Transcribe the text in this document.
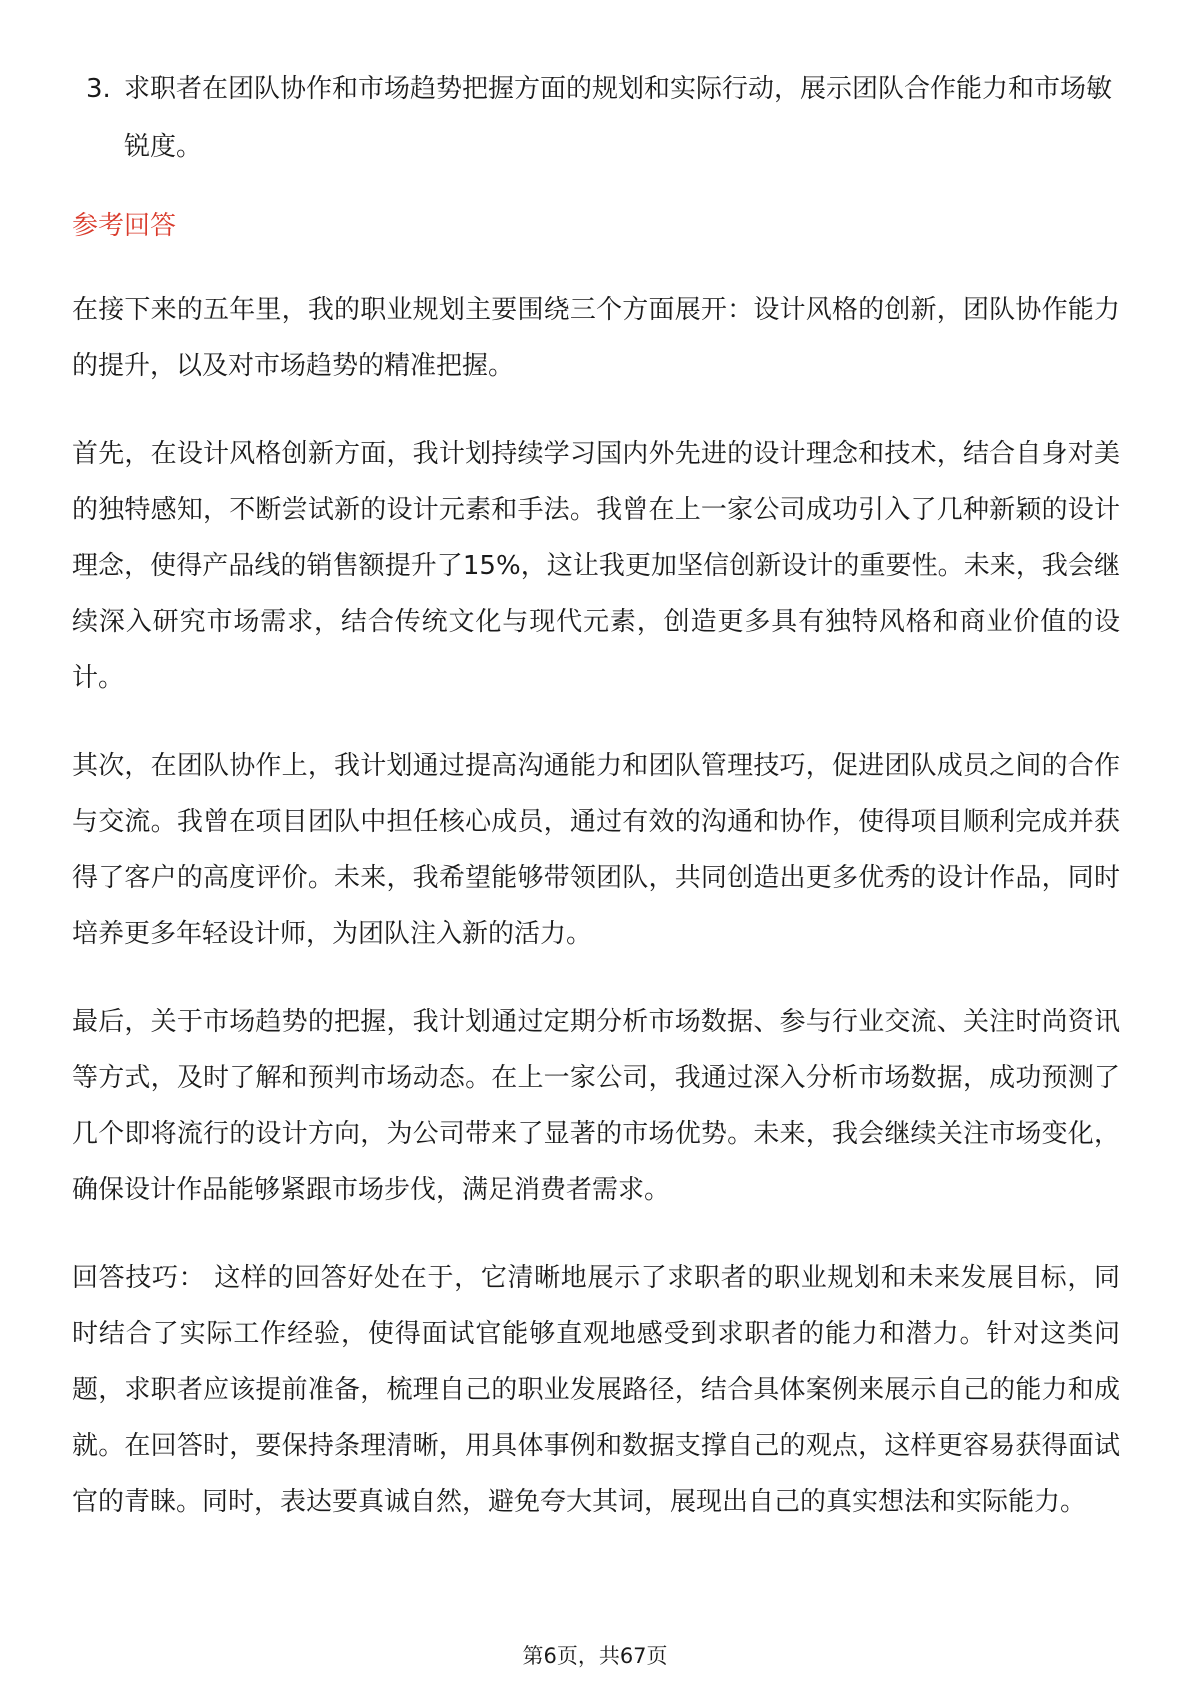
3. 求职者在团队协作和市场趋势把握方面的规划和实际行动，展示团队合作能力和市场敏锐度。
参考回答

在接下来的五年里，我的职业规划主要围绕三个方面展开：设计风格的创新，团队协作能力的提升，以及对市场趋势的精准把握。

首先，在设计风格创新方面，我计划持续学习国内外先进的设计理念和技术，结合自身对美的独特感知，不断尝试新的设计元素和手法。我曾在上一家公司成功引入了几种新颖的设计理念，使得产品线的销售额提升了15%，这让我更加坚信创新设计的重要性。未来，我会继续深入研究市场需求，结合传统文化与现代元素，创造更多具有独特风格和商业价值的设计。

其次，在团队协作上，我计划通过提高沟通能力和团队管理技巧，促进团队成员之间的合作与交流。我曾在项目团队中担任核心成员，通过有效的沟通和协作，使得项目顺利完成并获得了客户的高度评价。未来，我希望能够带领团队，共同创造出更多优秀的设计作品，同时培养更多年轻设计师，为团队注入新的活力。

最后，关于市场趋势的把握，我计划通过定期分析市场数据、参与行业交流、关注时尚资讯等方式，及时了解和预判市场动态。在上一家公司，我通过深入分析市场数据，成功预测了几个即将流行的设计方向，为公司带来了显著的市场优势。未来，我会继续关注市场变化，确保设计作品能够紧跟市场步伐，满足消费者需求。

回答技巧： 这样的回答好处在于，它清晰地展示了求职者的职业规划和未来发展目标，同时结合了实际工作经验，使得面试官能够直观地感受到求职者的能力和潜力。针对这类问题，求职者应该提前准备，梳理自己的职业发展路径，结合具体案例来展示自己的能力和成就。在回答时，要保持条理清晰，用具体事例和数据支撑自己的观点，这样更容易获得面试官的青睐。同时，表达要真诚自然，避免夸大其词，展现出自己的真实想法和实际能力。

第6页，共67页
